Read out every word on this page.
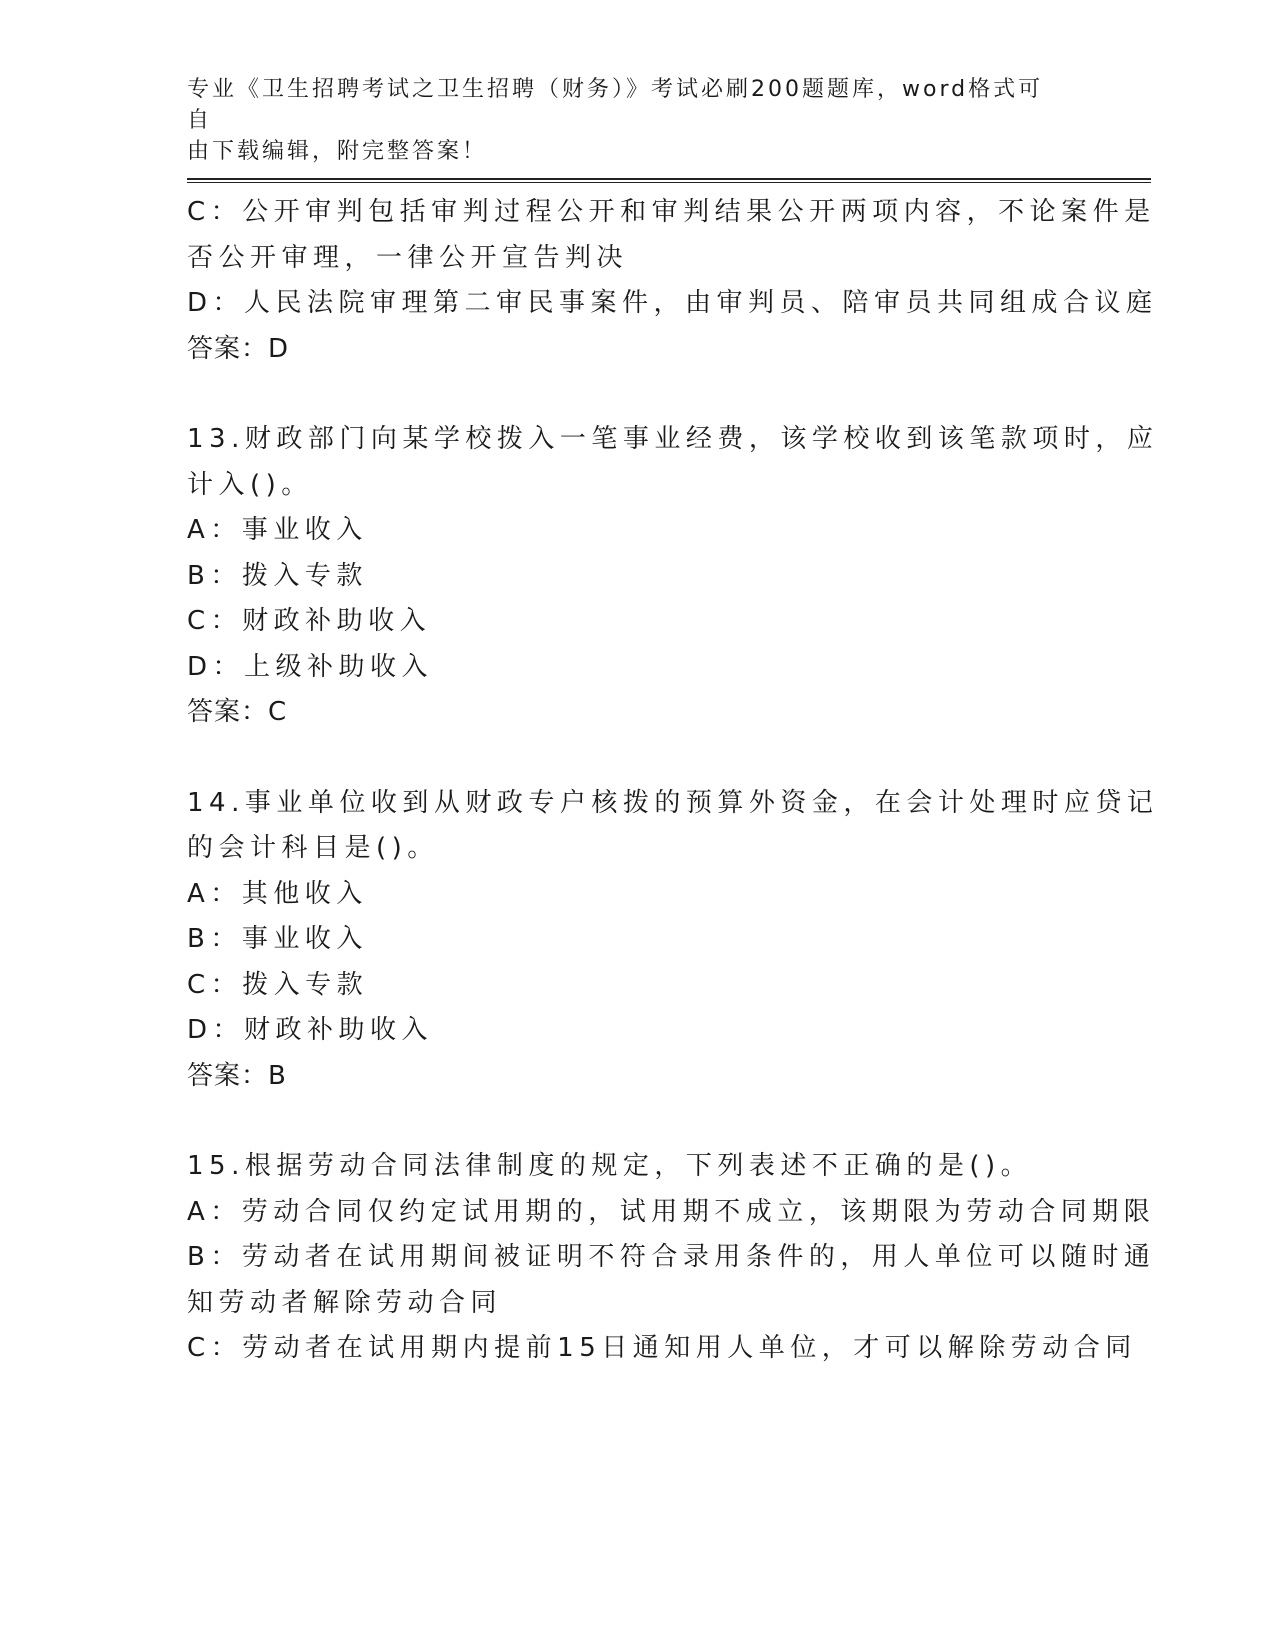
专业《卫生招聘考试之卫生招聘（财务）》考试必刷200题题库，word格式可自
由下载编辑，附完整答案！
C：公开审判包括审判过程公开和审判结果公开两项内容，不论案件是
否公开审理，一律公开宣告判决
D：人民法院审理第二审民事案件，由审判员、陪审员共同组成合议庭
答案：D
13.财政部门向某学校拨入一笔事业经费，该学校收到该笔款项时，应
计入()。
A：事业收入
B：拨入专款
C：财政补助收入
D：上级补助收入
答案：C
14.事业单位收到从财政专户核拨的预算外资金，在会计处理时应贷记
的会计科目是()。
A：其他收入
B：事业收入
C：拨入专款
D：财政补助收入
答案：B
15.根据劳动合同法律制度的规定，下列表述不正确的是()。
A：劳动合同仅约定试用期的，试用期不成立，该期限为劳动合同期限
B：劳动者在试用期间被证明不符合录用条件的，用人单位可以随时通
知劳动者解除劳动合同
C：劳动者在试用期内提前15日通知用人单位，才可以解除劳动合同
